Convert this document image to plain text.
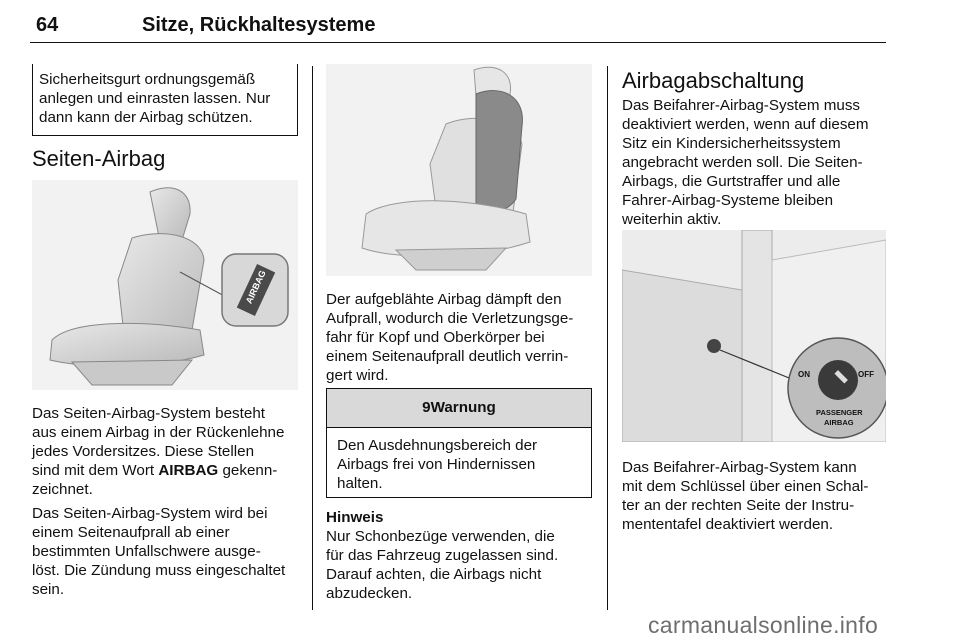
64	Sitze, Rückhaltesysteme

Sicherheitsgurt ordnungsgemäß

anlegen und einrasten lassen. Nur

dann kann der Airbag schützen.

Seiten-Airbag
AIRBAG

Das Seiten-Airbag-System besteht

aus einem Airbag in der Rückenlehne

jedes Vordersitzes. Diese Stellen

sind mit dem Wort AIRBAG gekenn-

zeichnet.

Das Seiten-Airbag-System wird bei

einem Seitenaufprall ab einer

bestimmten Unfallschwere ausge-

löst. Die Zündung muss eingeschaltet

sein.

Der aufgeblähte Airbag dämpft den

Aufprall, wodurch die Verletzungsge-

fahr für Kopf und Oberkörper bei

einem Seitenaufprall deutlich verrin-

gert wird.

9Warnung

Den Ausdehnungsbereich der

Airbags frei von Hindernissen

halten.

Hinweis

Nur Schonbezüge verwenden, die

für das Fahrzeug zugelassen sind.

Darauf achten, die Airbags nicht

abzudecken.

Airbagabschaltung

Das Beifahrer-Airbag-System muss

deaktiviert werden, wenn auf diesem

Sitz ein Kindersicherheitssystem

angebracht werden soll. Die Seiten-

Airbags, die Gurtstraffer und alle

Fahrer-Airbag-Systeme bleiben

weiterhin aktiv.

ON	OFF
PASSENGER
AIRBAG

Das Beifahrer-Airbag-System kann

mit dem Schlüssel über einen Schal-

ter an der rechten Seite der Instru-

mententafel deaktiviert werden.

carmanualsonline.info
